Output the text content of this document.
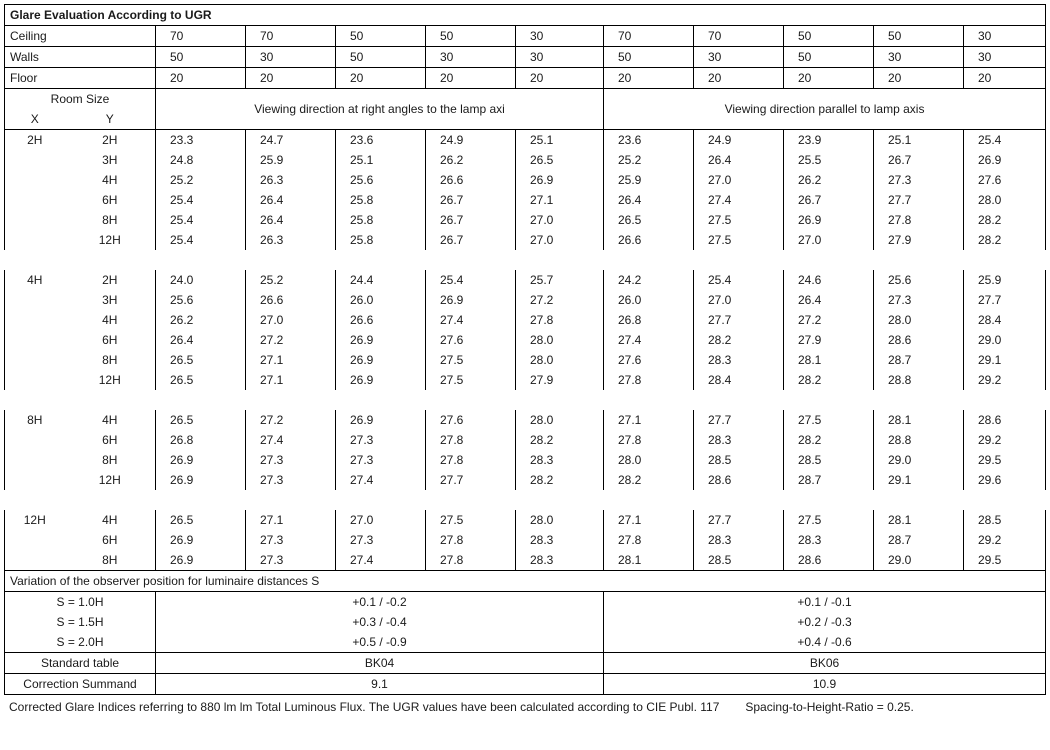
Glare Evaluation According to UGR											
Ceiling		70	70	50	50	30	70	70	50	50	30
Walls		50	30	50	30	30	50	30	50	30	30
Floor		20	20	20	20	20	20	20	20	20	20
Room Size		Viewing direction at right angles to the lamp axi					Viewing direction parallel to lamp axis				
X	Y										
2H	2H	23.3	24.7	23.6	24.9	25.1	23.6	24.9	23.9	25.1	25.4
	3H	24.8	25.9	25.1	26.2	26.5	25.2	26.4	25.5	26.7	26.9
	4H	25.2	26.3	25.6	26.6	26.9	25.9	27.0	26.2	27.3	27.6
	6H	25.4	26.4	25.8	26.7	27.1	26.4	27.4	26.7	27.7	28.0
	8H	25.4	26.4	25.8	26.7	27.0	26.5	27.5	26.9	27.8	28.2
	12H	25.4	26.3	25.8	26.7	27.0	26.6	27.5	27.0	27.9	28.2

4H	2H	24.0	25.2	24.4	25.4	25.7	24.2	25.4	24.6	25.6	25.9
	3H	25.6	26.6	26.0	26.9	27.2	26.0	27.0	26.4	27.3	27.7
	4H	26.2	27.0	26.6	27.4	27.8	26.8	27.7	27.2	28.0	28.4
	6H	26.4	27.2	26.9	27.6	28.0	27.4	28.2	27.9	28.6	29.0
	8H	26.5	27.1	26.9	27.5	28.0	27.6	28.3	28.1	28.7	29.1
	12H	26.5	27.1	26.9	27.5	27.9	27.8	28.4	28.2	28.8	29.2

8H	4H	26.5	27.2	26.9	27.6	28.0	27.1	27.7	27.5	28.1	28.6
	6H	26.8	27.4	27.3	27.8	28.2	27.8	28.3	28.2	28.8	29.2
	8H	26.9	27.3	27.3	27.8	28.3	28.0	28.5	28.5	29.0	29.5
	12H	26.9	27.3	27.4	27.7	28.2	28.2	28.6	28.7	29.1	29.6

12H	4H	26.5	27.1	27.0	27.5	28.0	27.1	27.7	27.5	28.1	28.5
	6H	26.9	27.3	27.3	27.8	28.3	27.8	28.3	28.3	28.7	29.2
	8H	26.9	27.3	27.4	27.8	28.3	28.1	28.5	28.6	29.0	29.5
Variation of the observer position for luminaire distances S											
S = 1.0H		+0.1 / -0.2					+0.1 / -0.1				
S = 1.5H		+0.3 / -0.4					+0.2 / -0.3				
S = 2.0H		+0.5 / -0.9					+0.4 / -0.6				
Standard table		BK04					BK06				
Correction Summand		9.1					10.9				
Corrected Glare Indices referring to 880 lm lm Total Luminous Flux. The UGR values have been calculated according to CIE Publ. 117 Spacing-to-Height-Ratio = 0.25.
